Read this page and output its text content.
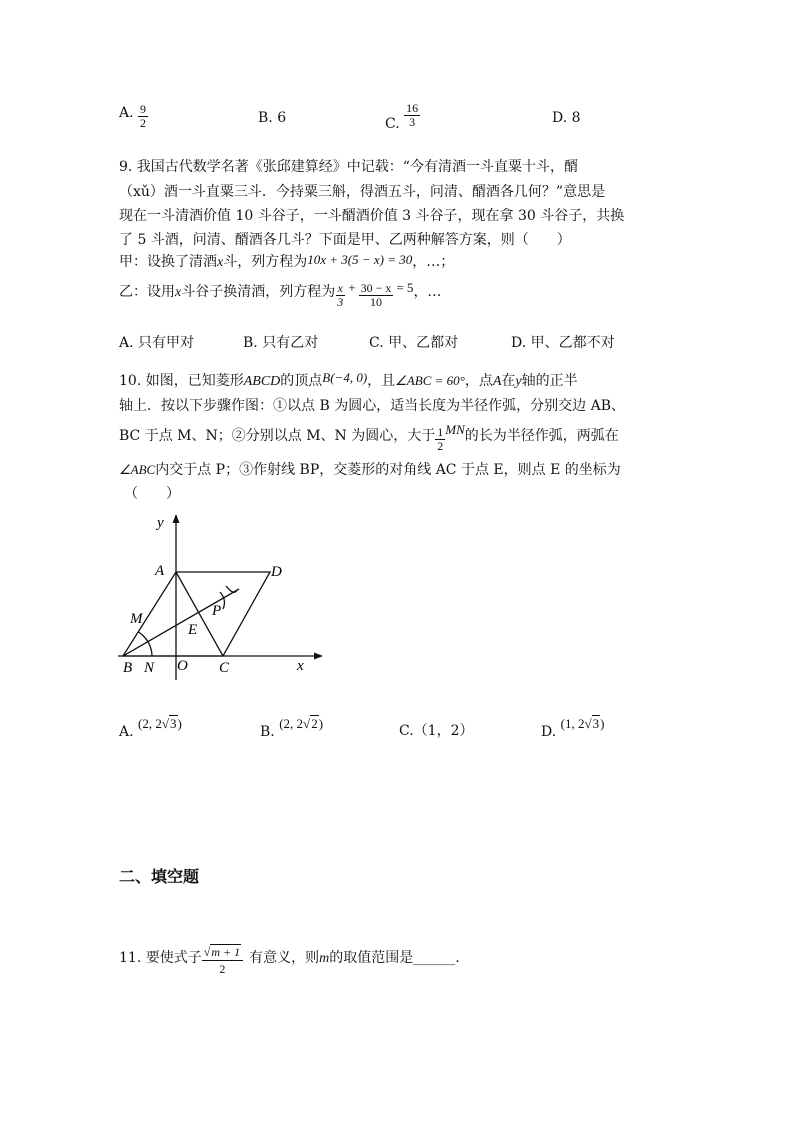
A. $\frac{9}{2}$	B. 6	C. $\frac{16}{3}$	D. 8
9. 我国古代数学名著《张邱建算经》中记载：“今有清酒一斗直粟十斗，醑
（xǔ）酒一斗直粟三斗．今持粟三斛，得酒五斗，问清、醑酒各几何？”意思是
现在一斗清酒价值 10 斗谷子，一斗醑酒价值 3 斗谷子，现在拿 30 斗谷子，共换
了 5 斗酒，问清、醑酒各几斗？下面是甲、乙两种解答方案，则（　　）
甲：设换了清酒x斗，列方程为10x + 3(5 − x) = 30，…；
乙：设用x斗谷子换清酒，列方程为 $\frac{x}{3} + \frac{30 - x}{10} = 5$，…
A. 只有甲对	B. 只有乙对	C. 甲、乙都对	D. 甲、乙都不对
10. 如图，已知菱形ABCD的顶点B(−4, 0)，且∠ABC = 60°，点A在y轴的正半
轴上．按以下步骤作图：①以点 B 为圆心，适当长度为半径作弧，分别交边 AB、
BC 于点 M、N；②分别以点 M、N 为圆心，大于 $\frac{1}{2}$ MN的长为半径作弧，两弧在
∠ABC内交于点 P；③作射线 BP，交菱形的对角线 AC 于点 E，则点 E 的坐标为
（　　）
y
x
A	D
M	P
E
B N O C
A. (2, 2√3)
B. (2, 2√2)	C.（1，2）	D. (1, 2√3)
二、填空题
11. 要使式子 $\frac{√m + 1}{2}$ 有意义，则m的取值范围是______.
